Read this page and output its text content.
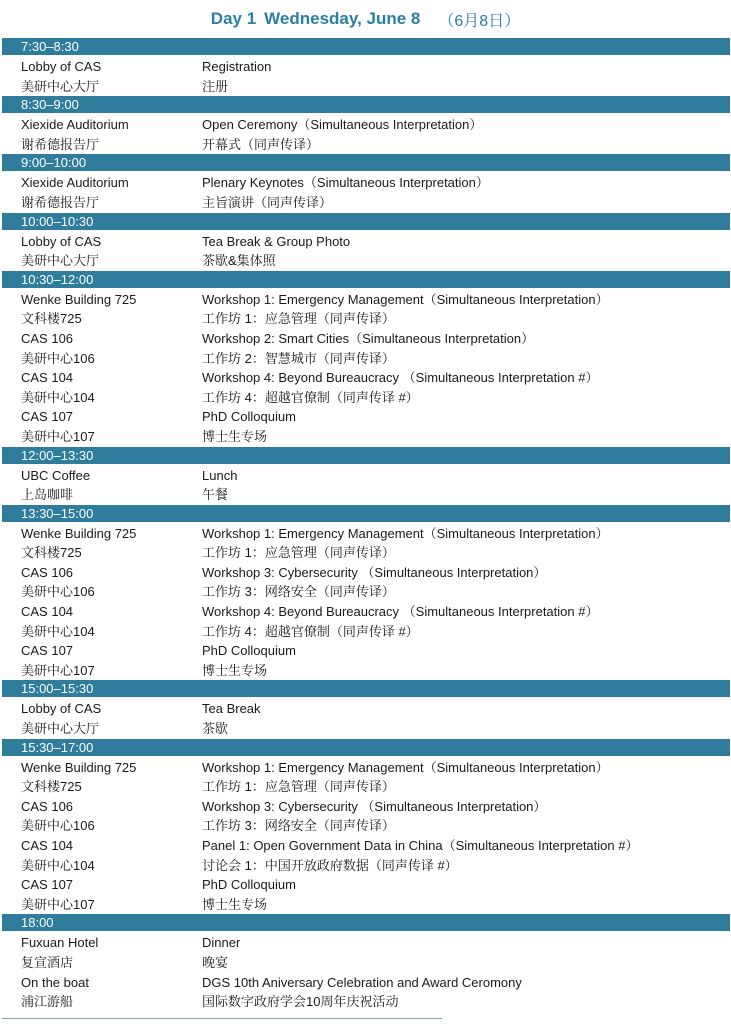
Day 1 Wednesday, June 8 （6月8日）
7:30–8:30
Lobby of CAS	Registration
美研中心大厅	注册
8:30–9:00
Xiexide Auditorium	Open Ceremony（Simultaneous Interpretation）
谢希德报告厅	开幕式（同声传译）
9:00–10:00
Xiexide Auditorium	Plenary Keynotes（Simultaneous Interpretation）
谢希德报告厅	主旨演讲（同声传译）
10:00–10:30
Lobby of CAS	Tea Break & Group Photo
美研中心大厅	茶歇&集体照
10:30–12:00
Wenke Building 725	Workshop 1: Emergency Management（Simultaneous Interpretation）
文科楼725	工作坊 1：应急管理（同声传译）
CAS 106	Workshop 2: Smart Cities（Simultaneous Interpretation）
美研中心106	工作坊 2：智慧城市（同声传译）
CAS 104	Workshop 4: Beyond Bureaucracy （Simultaneous Interpretation #）
美研中心104	工作坊 4：超越官僚制（同声传译 #）
CAS 107	PhD Colloquium
美研中心107	博士生专场
12:00–13:30
UBC Coffee	Lunch
上岛咖啡	午餐
13:30–15:00
Wenke Building 725	Workshop 1: Emergency Management（Simultaneous Interpretation）
文科楼725	工作坊 1：应急管理（同声传译）
CAS 106	Workshop 3: Cybersecurity （Simultaneous Interpretation）
美研中心106	工作坊 3：网络安全（同声传译）
CAS 104	Workshop 4: Beyond Bureaucracy （Simultaneous Interpretation #）
美研中心104	工作坊 4：超越官僚制（同声传译 #）
CAS 107	PhD Colloquium
美研中心107	博士生专场
15:00–15:30
Lobby of CAS	Tea Break
美研中心大厅	茶歇
15:30–17:00
Wenke Building 725	Workshop 1: Emergency Management（Simultaneous Interpretation）
文科楼725	工作坊 1：应急管理（同声传译）
CAS 106	Workshop 3: Cybersecurity （Simultaneous Interpretation）
美研中心106	工作坊 3：网络安全（同声传译）
CAS 104	Panel 1: Open Government Data in China（Simultaneous Interpretation #）
美研中心104	讨论会 1：中国开放政府数据（同声传译 #）
CAS 107	PhD Colloquium
美研中心107	博士生专场
18:00
Fuxuan Hotel	Dinner
复宣酒店	晚宴
On the boat	DGS 10th Aniversary Celebration and Award Ceromony
浦江游船	国际数字政府学会10周年庆祝活动
